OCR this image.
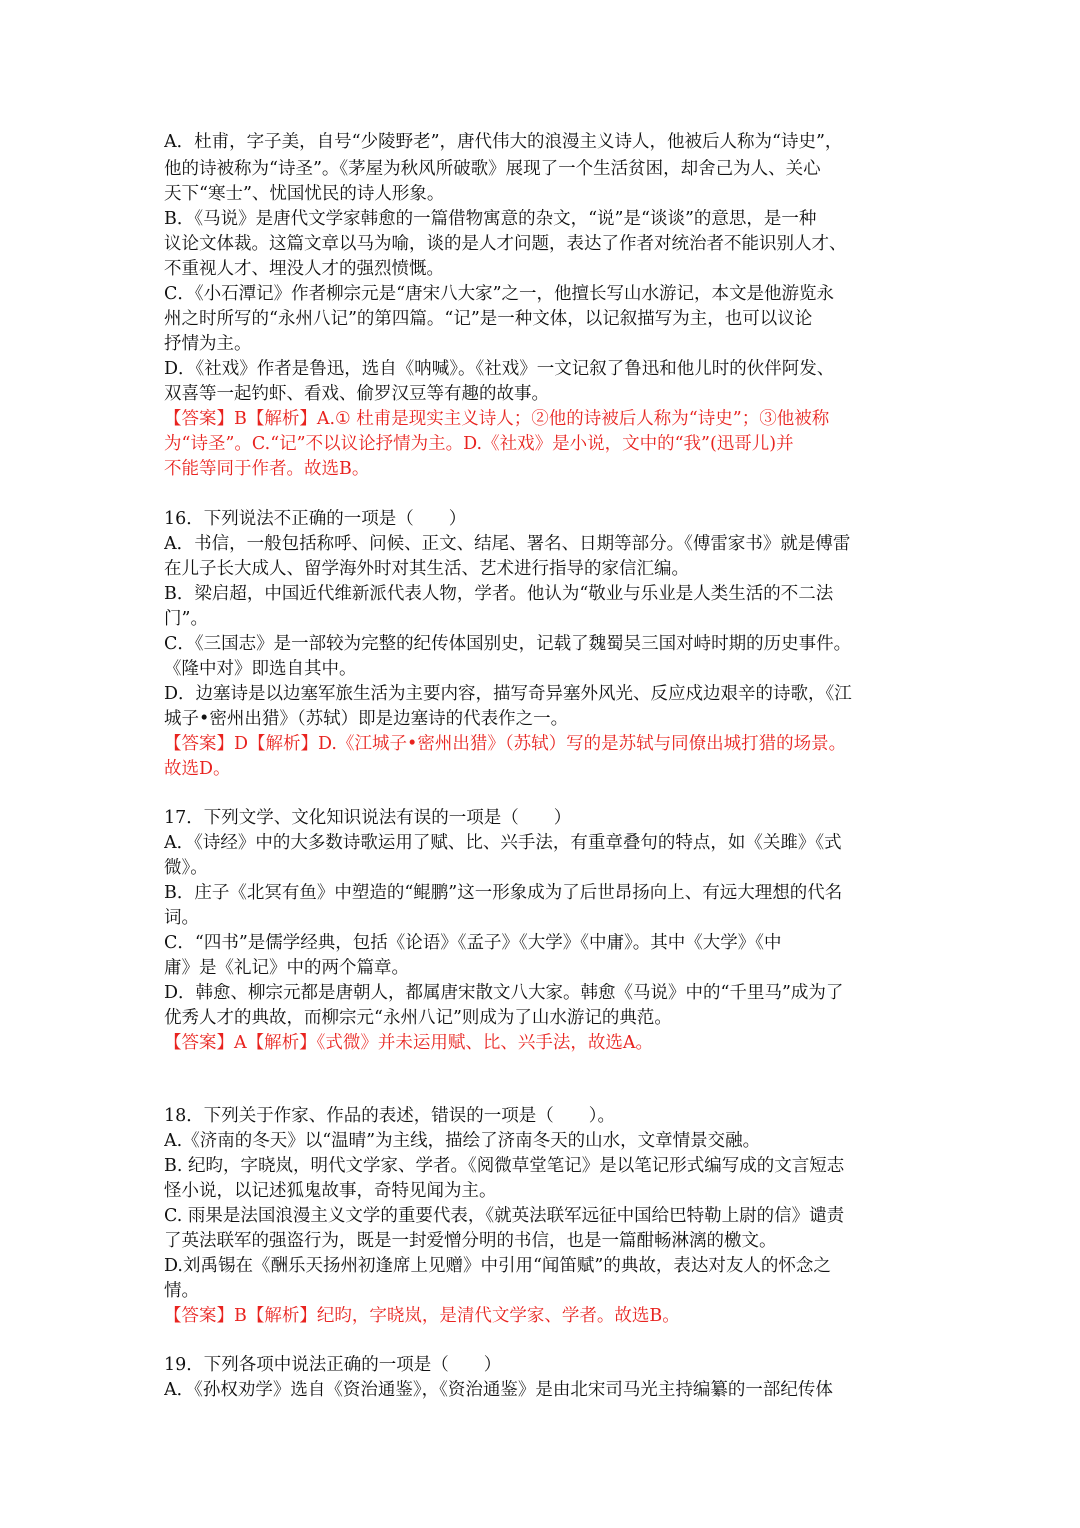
A．杜甫，字子美，自号“少陵野老”，唐代伟大的浪漫主义诗人，他被后人称为“诗史”，
他的诗被称为“诗圣”。《茅屋为秋风所破歌》展现了一个生活贫困，却舍己为人、关心
天下“寒士”、忧国忧民的诗人形象。
B．《马说》是唐代文学家韩愈的一篇借物寓意的杂文，“说”是“谈谈”的意思，是一种
议论文体裁。这篇文章以马为喻，谈的是人才问题，表达了作者对统治者不能识别人才、
不重视人才、埋没人才的强烈愤慨。
C．《小石潭记》作者柳宗元是“唐宋八大家”之一，他擅长写山水游记，本文是他游览永
州之时所写的“永州八记”的第四篇。“记”是一种文体，以记叙描写为主，也可以议论
抒情为主。
D．《社戏》作者是鲁迅，选自《呐喊》。《社戏》一文记叙了鲁迅和他儿时的伙伴阿发、
双喜等一起钓虾、看戏、偷罗汉豆等有趣的故事。
【答案】B【解析】A.① 杜甫是现实主义诗人；②他的诗被后人称为“诗史”；③他被称
为“诗圣”。C.“记”不以议论抒情为主。D.《社戏》是小说，文中的“我”(迅哥儿)并
不能等同于作者。故选B。
16．下列说法不正确的一项是（　　）
A．书信，一般包括称呼、问候、正文、结尾、署名、日期等部分。《傅雷家书》就是傅雷
在儿子长大成人、留学海外时对其生活、艺术进行指导的家信汇编。
B．梁启超，中国近代维新派代表人物，学者。他认为“敬业与乐业是人类生活的不二法
门”。
C．《三国志》是一部较为完整的纪传体国别史，记载了魏蜀吴三国对峙时期的历史事件。
《隆中对》即选自其中。
D．边塞诗是以边塞军旅生活为主要内容，描写奇异塞外风光、反应戍边艰辛的诗歌，《江
城子•密州出猎》（苏轼）即是边塞诗的代表作之一。
【答案】D【解析】D.《江城子•密州出猎》（苏轼）写的是苏轼与同僚出城打猎的场景。
故选D。
17．下列文学、文化知识说法有误的一项是（　　）
A．《诗经》中的大多数诗歌运用了赋、比、兴手法，有重章叠句的特点，如《关雎》《式
微》。
B．庄子《北冥有鱼》中塑造的“鲲鹏”这一形象成为了后世昂扬向上、有远大理想的代名
词。
C．“四书”是儒学经典，包括《论语》《孟子》《大学》《中庸》。其中《大学》《中
庸》是《礼记》中的两个篇章。
D．韩愈、柳宗元都是唐朝人，都属唐宋散文八大家。韩愈《马说》中的“千里马”成为了
优秀人才的典故，而柳宗元“永州八记”则成为了山水游记的典范。
【答案】A【解析】《式微》并未运用赋、比、兴手法，故选A。
18．下列关于作家、作品的表述，错误的一项是（　　）。
A.《济南的冬天》以“温晴”为主线，描绘了济南冬天的山水，文章情景交融。
B. 纪昀，字晓岚，明代文学家、学者。《阅微草堂笔记》是以笔记形式编写成的文言短志
怪小说，以记述狐鬼故事，奇特见闻为主。
C. 雨果是法国浪漫主义文学的重要代表，《就英法联军远征中国给巴特勒上尉的信》谴责
了英法联军的强盗行为，既是一封爱憎分明的书信，也是一篇酣畅淋漓的檄文。
D.刘禹锡在《酬乐天扬州初逢席上见赠》中引用“闻笛赋”的典故，表达对友人的怀念之
情。
【答案】B【解析】纪昀，字晓岚，是清代文学家、学者。故选B。
19．下列各项中说法正确的一项是（　　）
A．《孙权劝学》选自《资治通鉴》，《资治通鉴》是由北宋司马光主持编纂的一部纪传体
